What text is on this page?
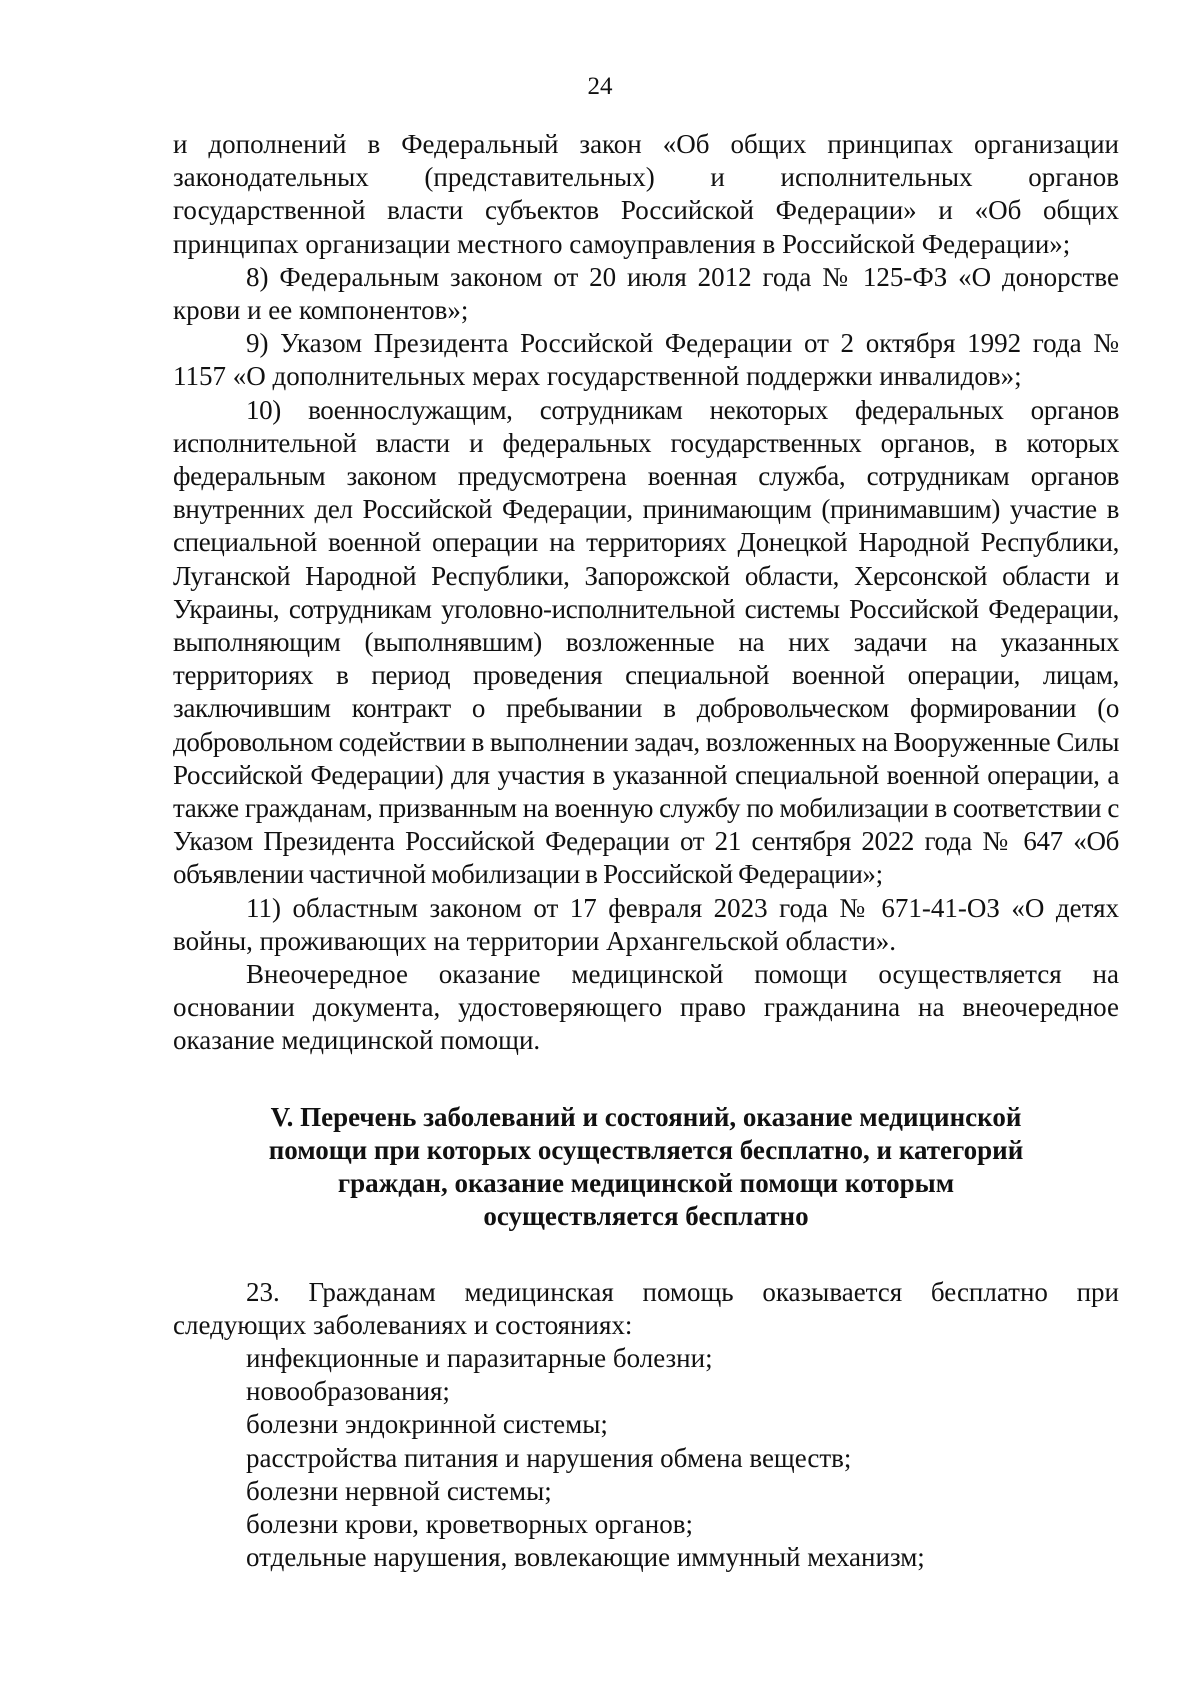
24

и дополнений в Федеральный закон «Об общих принципах организации законодательных (представительных) и исполнительных органов государственной власти субъектов Российской Федерации» и «Об общих принципах организации местного самоуправления в Российской Федерации»;

8) Федеральным законом от 20 июля 2012 года № 125-ФЗ «О донорстве крови и ее компонентов»;

9) Указом Президента Российской Федерации от 2 октября 1992 года № 1157 «О дополнительных мерах государственной поддержки инвалидов»;

10) военнослужащим, сотрудникам некоторых федеральных органов исполнительной власти и федеральных государственных органов, в которых федеральным законом предусмотрена военная служба, сотрудникам органов внутренних дел Российской Федерации, принимающим (принимавшим) участие в специальной военной операции на территориях Донецкой Народной Республики, Луганской Народной Республики, Запорожской области, Херсонской области и Украины, сотрудникам уголовно-исполнительной системы Российской Федерации, выполняющим (выполнявшим) возложенные на них задачи на указанных территориях в период проведения специальной военной операции, лицам, заключившим контракт о пребывании в добровольческом формировании (о добровольном содействии в выполнении задач, возложенных на Вооруженные Силы Российской Федерации) для участия в указанной специальной военной операции, а также гражданам, призванным на военную службу по мобилизации в соответствии с Указом Президента Российской Федерации от 21 сентября 2022 года № 647 «Об объявлении частичной мобилизации в Российской Федерации»;

11) областным законом от 17 февраля 2023 года № 671-41-ОЗ «О детях войны, проживающих на территории Архангельской области».

Внеочередное оказание медицинской помощи осуществляется на основании документа, удостоверяющего право гражданина на внеочередное оказание медицинской помощи.

V. Перечень заболеваний и состояний, оказание медицинской
помощи при которых осуществляется бесплатно, и категорий
граждан, оказание медицинской помощи которым
осуществляется бесплатно

23. Гражданам медицинская помощь оказывается бесплатно при следующих заболеваниях и состояниях:

инфекционные и паразитарные болезни;

новообразования;

болезни эндокринной системы;

расстройства питания и нарушения обмена веществ;

болезни нервной системы;

болезни крови, кроветворных органов;

отдельные нарушения, вовлекающие иммунный механизм;
